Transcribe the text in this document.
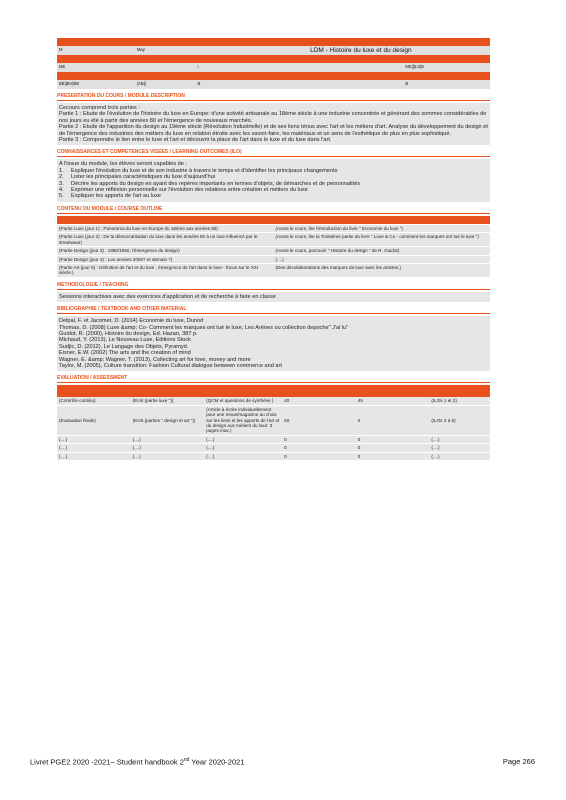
M	May		LDM - Histoire du luxe et du design	

ME		i		ME|||LS|B

BB||BV|BB	|AB||	B		B
PRESENTATION DU COURS / MODULE DESCRIPTION

Cecours comprend trois parties :

Partie 1 : Etude de l'évolution de l'histoire du luxe en Europe: d'une activité artisanale au 18ème siècle à une industrie concentrée et générant des sommes considérables de nos jours eu été à partir des années 80 et l'émergence de nouveaux marchés.

Partie 2 : Etude de l'apparition du design au 19ème siècle (Révolution Industrielle) et de ses liens ténus avec l'art et les métiers d'art. Analyse du développement du design et de l'émergence des industries des métiers du luxe en relation étroite avec les savoir-faire, les matériaux et un sens de l'esthétique de plus en plus sophistiqué.

Partie 3 : Comprendre le lien entre le luxe et l'art et découvrir la place de l'art dans le luxe et du luxe dans l'art.

CONNAISSANCES ET COMPETENCES VISEES / LEARNING OUTCOMES (ILO)

A l'issue du module, les élèves seront capables de :

1.	Expliquer l'évolution du luxe et de son industrie à travers le temps et d'identifier les principaux changements
2.	Lister les principales caractéristiques du luxe d'aujourd'hui
3.	Décrire les apports du design en ayant des repères importants en termes d'objets, de démarches et de personnalités
4.	Exprimer une réflexion personnelle sur l'évolution des relations entre création et métiers du luxe
5.	Expliquer les apports de l'art au luxe
CONTENU DU MODULE / COURSE OUTLINE

(Partie Luxe (jour 1) : Panorama du luxe en Europe du 18ème aux années 80)	(Avant le cours, lire l'introduction du livre " Economie du luxe ")
(Partie Luxe (jour 2) : De la démocratisation du luxe dans les années 80 à un luxe influencé par le streetwear)	(Avant le cours, lire la Troisième partie du livre " Luxe & Co - comment les marques ont tué le luxe ")
(Partie Design (jour 3) : 1880/1950, l'émergence du design)	(Avant le cours, parcourir " Histoire du design " de R. Guidot)
(Partie Design (jour 4) : Les années 2000? et demain ?)	(....)
(Partie Art (jour 5) : Définition de l'art et du luxe , émergence de l'art dans le luxe - focus sur le XXI siècle.)	(Des décollaborations des marques de luxe avec les artistes.)
METHODOLOGIE / TEACHING

Sessions interactives avec des exercices d'application et de recherche à faire en classe

BIBLIOGRAPHIE / TEXTBOOK AND OTHER MATERIAL

Delpal, F. et Jacomet, D. (2014) Economie du luxe, Dunod

Thomas, D. (2008) Luxe &amp; Co- Comment les marques ont tué le luxe, Les Arènes ou collection depoche" J'ai lu"

Guidot, R. (2000), Histoire du design, Ed. Hazan, 387 p.

Michaud, Y. (2013), Le Nouveau Luxe, Editions Stock

Sudjic, D. (2012), Le Langage des Objets, Pyramyd.

Eisner, E.W. (2002) The arts and the creation of mind

Wagner, E. &amp; Wagner, T. (2013), Collecting art for love, money and more

Taylor, M. (2005), Culture transition: Fashion Cultural dialogue between commerce and art

EVALUATION / ASSESSMENT

(Contrôle continu)	(Ecrit (partie luxe "))	(QCM et questions de synthèse )	40	45	(ILOs 1 et 2)
(Evaluation finale)	(Ecrit (parties " design et art "))	(Article à écrire individuellement pour une revue/magazine au choix sur les liens et les apports de l'art et du design aux métiers du luxe: 3 pages max.)	60	0	(ILOs 3 à 5)
(....)	(....)	(....)	0	0	(....)
(....)	(....)	(....)	0	0	(....)
(....)	(....)	(....)	0	0	(....)
Livret PGE2 2020 -2021– Student handbook 2nd Year 2020-2021	Page 266
